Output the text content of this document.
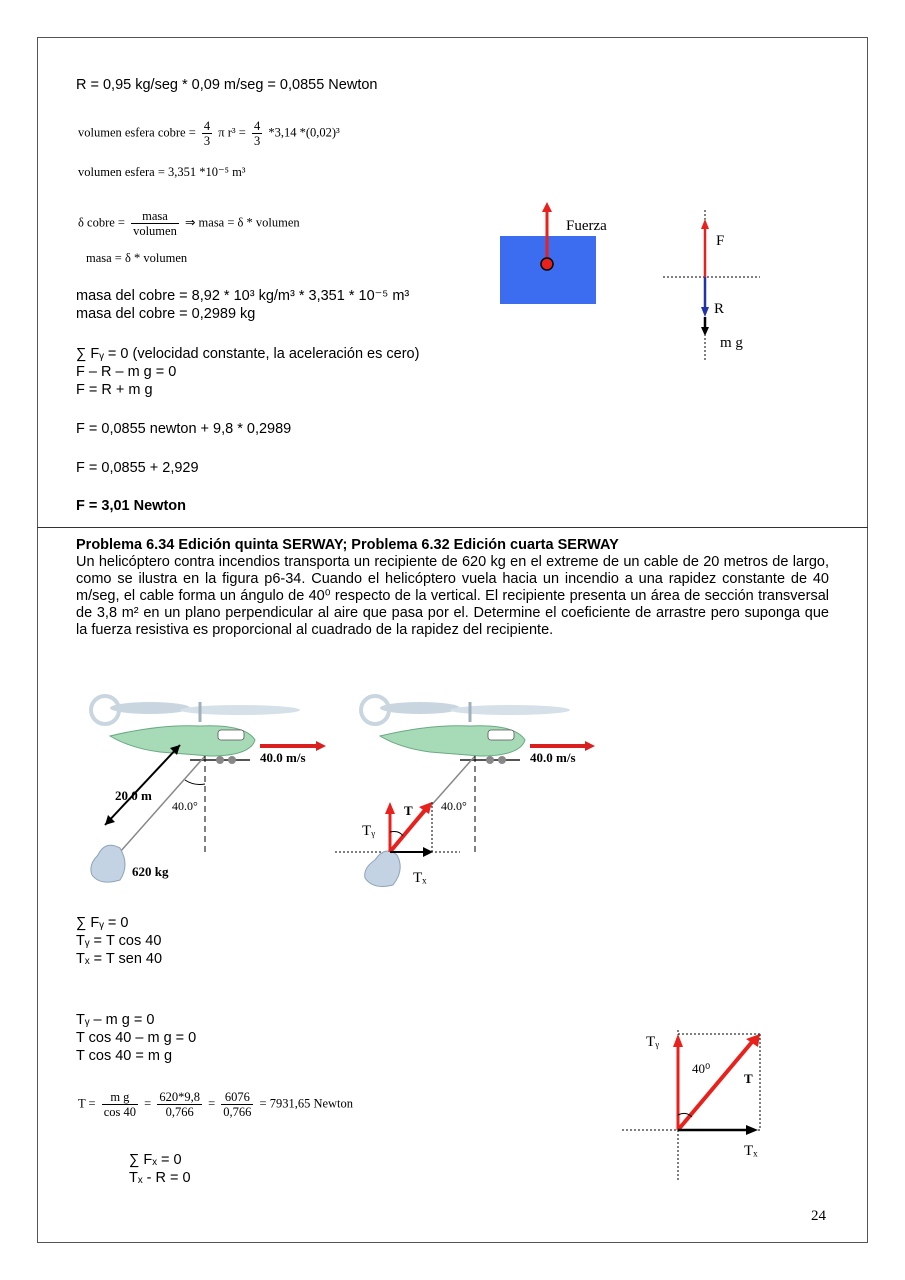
R = 0,95 kg/seg * 0,09 m/seg = 0,0855 Newton
volumen esfera cobre = $\frac{4}{3}$ π $r^3 = \frac{4}{3} *3,14$ *(0,02)³
volumen esfera = 3,351 *10⁻⁵ m³
δ cobre = $\frac{\text{masa}}{\text{volumen}}$ ⇒ masa = δ * volumen
masa = δ * volumen
masa del cobre = 8,92 * 10³ kg/m³ * 3,351 * 10⁻⁵ m³
masa del cobre = 0,2989 kg
∑ Fᵧ = 0 (velocidad constante, la aceleración es cero)
F – R – m g = 0
F = R + m g
F = 0,0855 newton + 9,8 * 0,2989
F = 0,0855 + 2,929
F = 3,01 Newton
Fuerza
F
R
m g
Problema 6.34 Edición quinta SERWAY; Problema 6.32 Edición cuarta SERWAY
Un helicóptero contra incendios transporta un recipiente de 620 kg en el extreme de un cable de 20 metros de largo, como se ilustra en la figura p6-34. Cuando el helicóptero vuela hacia un incendio a una rapidez constante de 40 m/seg, el cable forma un ángulo de 40⁰ respecto de la vertical. El recipiente presenta un área de sección transversal de 3,8 m² en un plano perpendicular al aire que pasa por el. Determine el coeficiente de arrastre pero suponga que la fuerza resistiva es proporcional al cuadrado de la rapidez del recipiente.
40.0 m/s
40.0°
20.0 m
620 kg
40.0 m/s
40.0°
T
Tᵧ
Tₓ
∑ Fᵧ = 0
Tᵧ = T cos 40
Tₓ = T sen 40
Tᵧ – m g = 0
T cos 40 – m g = 0
T cos 40 = m g
$T = \frac{\text{m g}}{\cos 40} = \frac{620*9,8}{0,766} = \frac{6076}{0,766} = 7931,65$ Newton
∑ Fₓ = 0
Tₓ - R = 0
Tᵧ
40⁰
T
Tₓ
24
